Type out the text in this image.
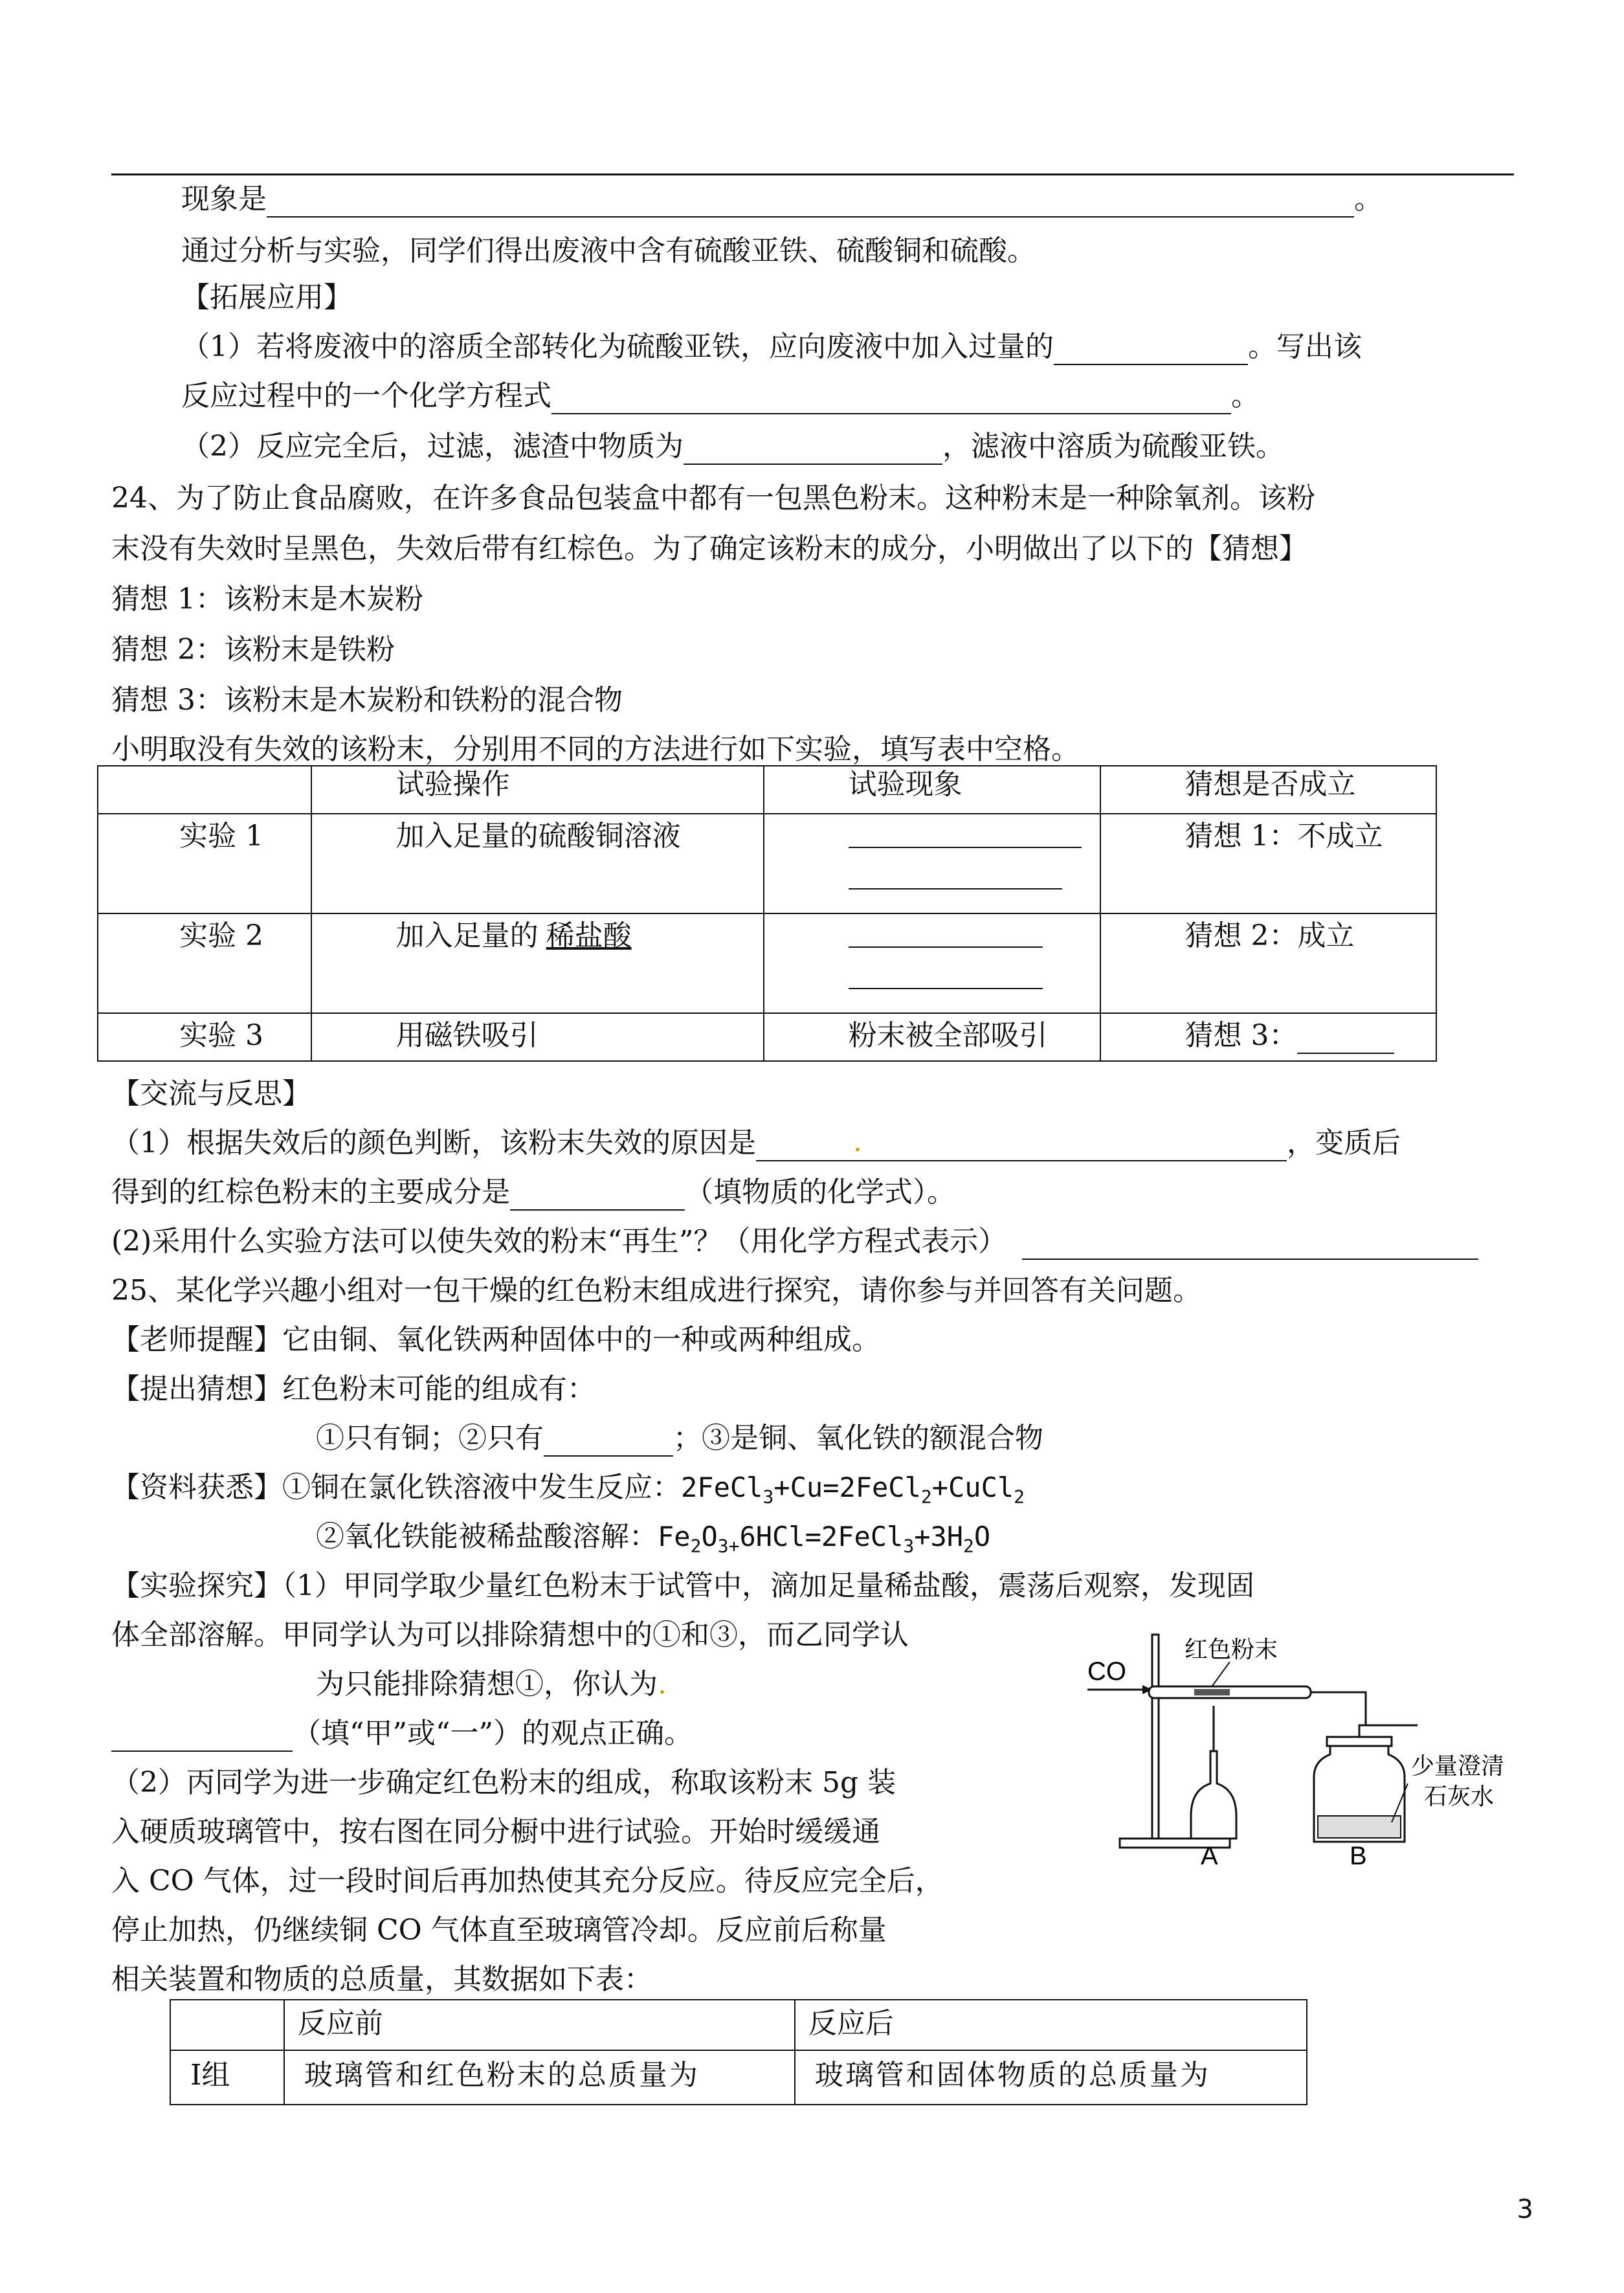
现象是	。
通过分析与实验，同学们得出废液中含有硫酸亚铁、硫酸铜和硫酸。
【拓展应用】
（1）若将废液中的溶质全部转化为硫酸亚铁，应向废液中加入过量的	。写出该
反应过程中的一个化学方程式	。
（2）反应完全后，过滤，滤渣中物质为	，滤液中溶质为硫酸亚铁。
24、为了防止食品腐败，在许多食品包装盒中都有一包黑色粉末。这种粉末是一种除氧剂。该粉
末没有失效时呈黑色，失效后带有红棕色。为了确定该粉末的成分，小明做出了以下的【猜想】
猜想 1：该粉末是木炭粉
猜想 2：该粉末是铁粉
猜想 3：该粉末是木炭粉和铁粉的混合物
小明取没有失效的该粉末，分别用不同的方法进行如下实验，填写表中空格。
	试验操作	试验现象	猜想是否成立
实验 1	加入足量的硫酸铜溶液		猜想 1：不成立
实验 2	加入足量的 稀盐酸		猜想 2：成立
实验 3	用磁铁吸引	粉末被全部吸引	猜想 3：
【交流与反思】
（1）根据失效后的颜色判断，该粉末失效的原因是	.	，变质后
得到的红棕色粉末的主要成分是	（填物质的化学式）。
(2)采用什么实验方法可以使失效的粉末“再生”？（用化学方程式表示）
25、某化学兴趣小组对一包干燥的红色粉末组成进行探究，请你参与并回答有关问题。
【老师提醒】它由铜、氧化铁两种固体中的一种或两种组成。
【提出猜想】红色粉末可能的组成有：
①只有铜；②只有	；③是铜、氧化铁的额混合物
【资料获悉】①铜在氯化铁溶液中发生反应：2FeCl$_3$+Cu=2FeCl$_2$+CuCl$_2$
②氧化铁能被稀盐酸溶解：$Fe_2O_{3+}6HCl=2FeCl_3+3H_2O$
【实验探究】（1）甲同学取少量红色粉末于试管中，滴加足量稀盐酸，震荡后观察，发现固
体全部溶解。甲同学认为可以排除猜想中的①和③，而乙同学认
为只能排除猜想①，你认为.
（填“甲”或“一”）的观点正确。
（2）丙同学为进一步确定红色粉末的组成，称取该粉末 5g 装
入硬质玻璃管中，按右图在同分橱中进行试验。开始时缓缓通
入 CO 气体，过一段时间后再加热使其充分反应。待反应完全后，
停止加热，仍继续铜 CO 气体直至玻璃管冷却。反应前后称量
相关装置和物质的总质量，其数据如下表：
CO
红色粉末
少量澄清
石灰水
A	B
	反应前	反应后
Ⅰ组	玻璃管和红色粉末的总质量为	玻璃管和固体物质的总质量为
3
